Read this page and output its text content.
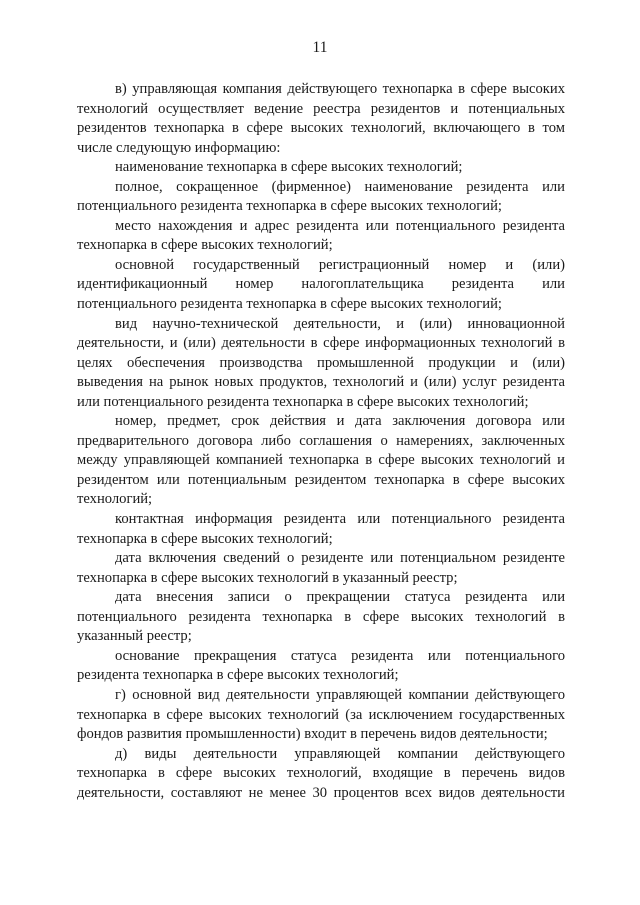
11

в) управляющая компания действующего технопарка в сфере высоких технологий осуществляет ведение реестра резидентов и потенциальных резидентов технопарка в сфере высоких технологий, включающего в том числе следующую информацию:

наименование технопарка в сфере высоких технологий;

полное, сокращенное (фирменное) наименование резидента или потенциального резидента технопарка в сфере высоких технологий;

место нахождения и адрес резидента или потенциального резидента технопарка в сфере высоких технологий;

основной государственный регистрационный номер и (или) идентификационный номер налогоплательщика резидента или потенциального резидента технопарка в сфере высоких технологий;

вид научно-технической деятельности, и (или) инновационной деятельности, и (или) деятельности в сфере информационных технологий в целях обеспечения производства промышленной продукции и (или) выведения на рынок новых продуктов, технологий и (или) услуг резидента или потенциального резидента технопарка в сфере высоких технологий;

номер, предмет, срок действия и дата заключения договора или предварительного договора либо соглашения о намерениях, заключенных между управляющей компанией технопарка в сфере высоких технологий и резидентом или потенциальным резидентом технопарка в сфере высоких технологий;

контактная информация резидента или потенциального резидента технопарка в сфере высоких технологий;

дата включения сведений о резиденте или потенциальном резиденте технопарка в сфере высоких технологий в указанный реестр;

дата внесения записи о прекращении статуса резидента или потенциального резидента технопарка в сфере высоких технологий в указанный реестр;

основание прекращения статуса резидента или потенциального резидента технопарка в сфере высоких технологий;

г) основной вид деятельности управляющей компании действующего технопарка в сфере высоких технологий (за исключением государственных фондов развития промышленности) входит в перечень видов деятельности;

д) виды деятельности управляющей компании действующего технопарка в сфере высоких технологий, входящие в перечень видов деятельности, составляют не менее 30 процентов всех видов деятельности
